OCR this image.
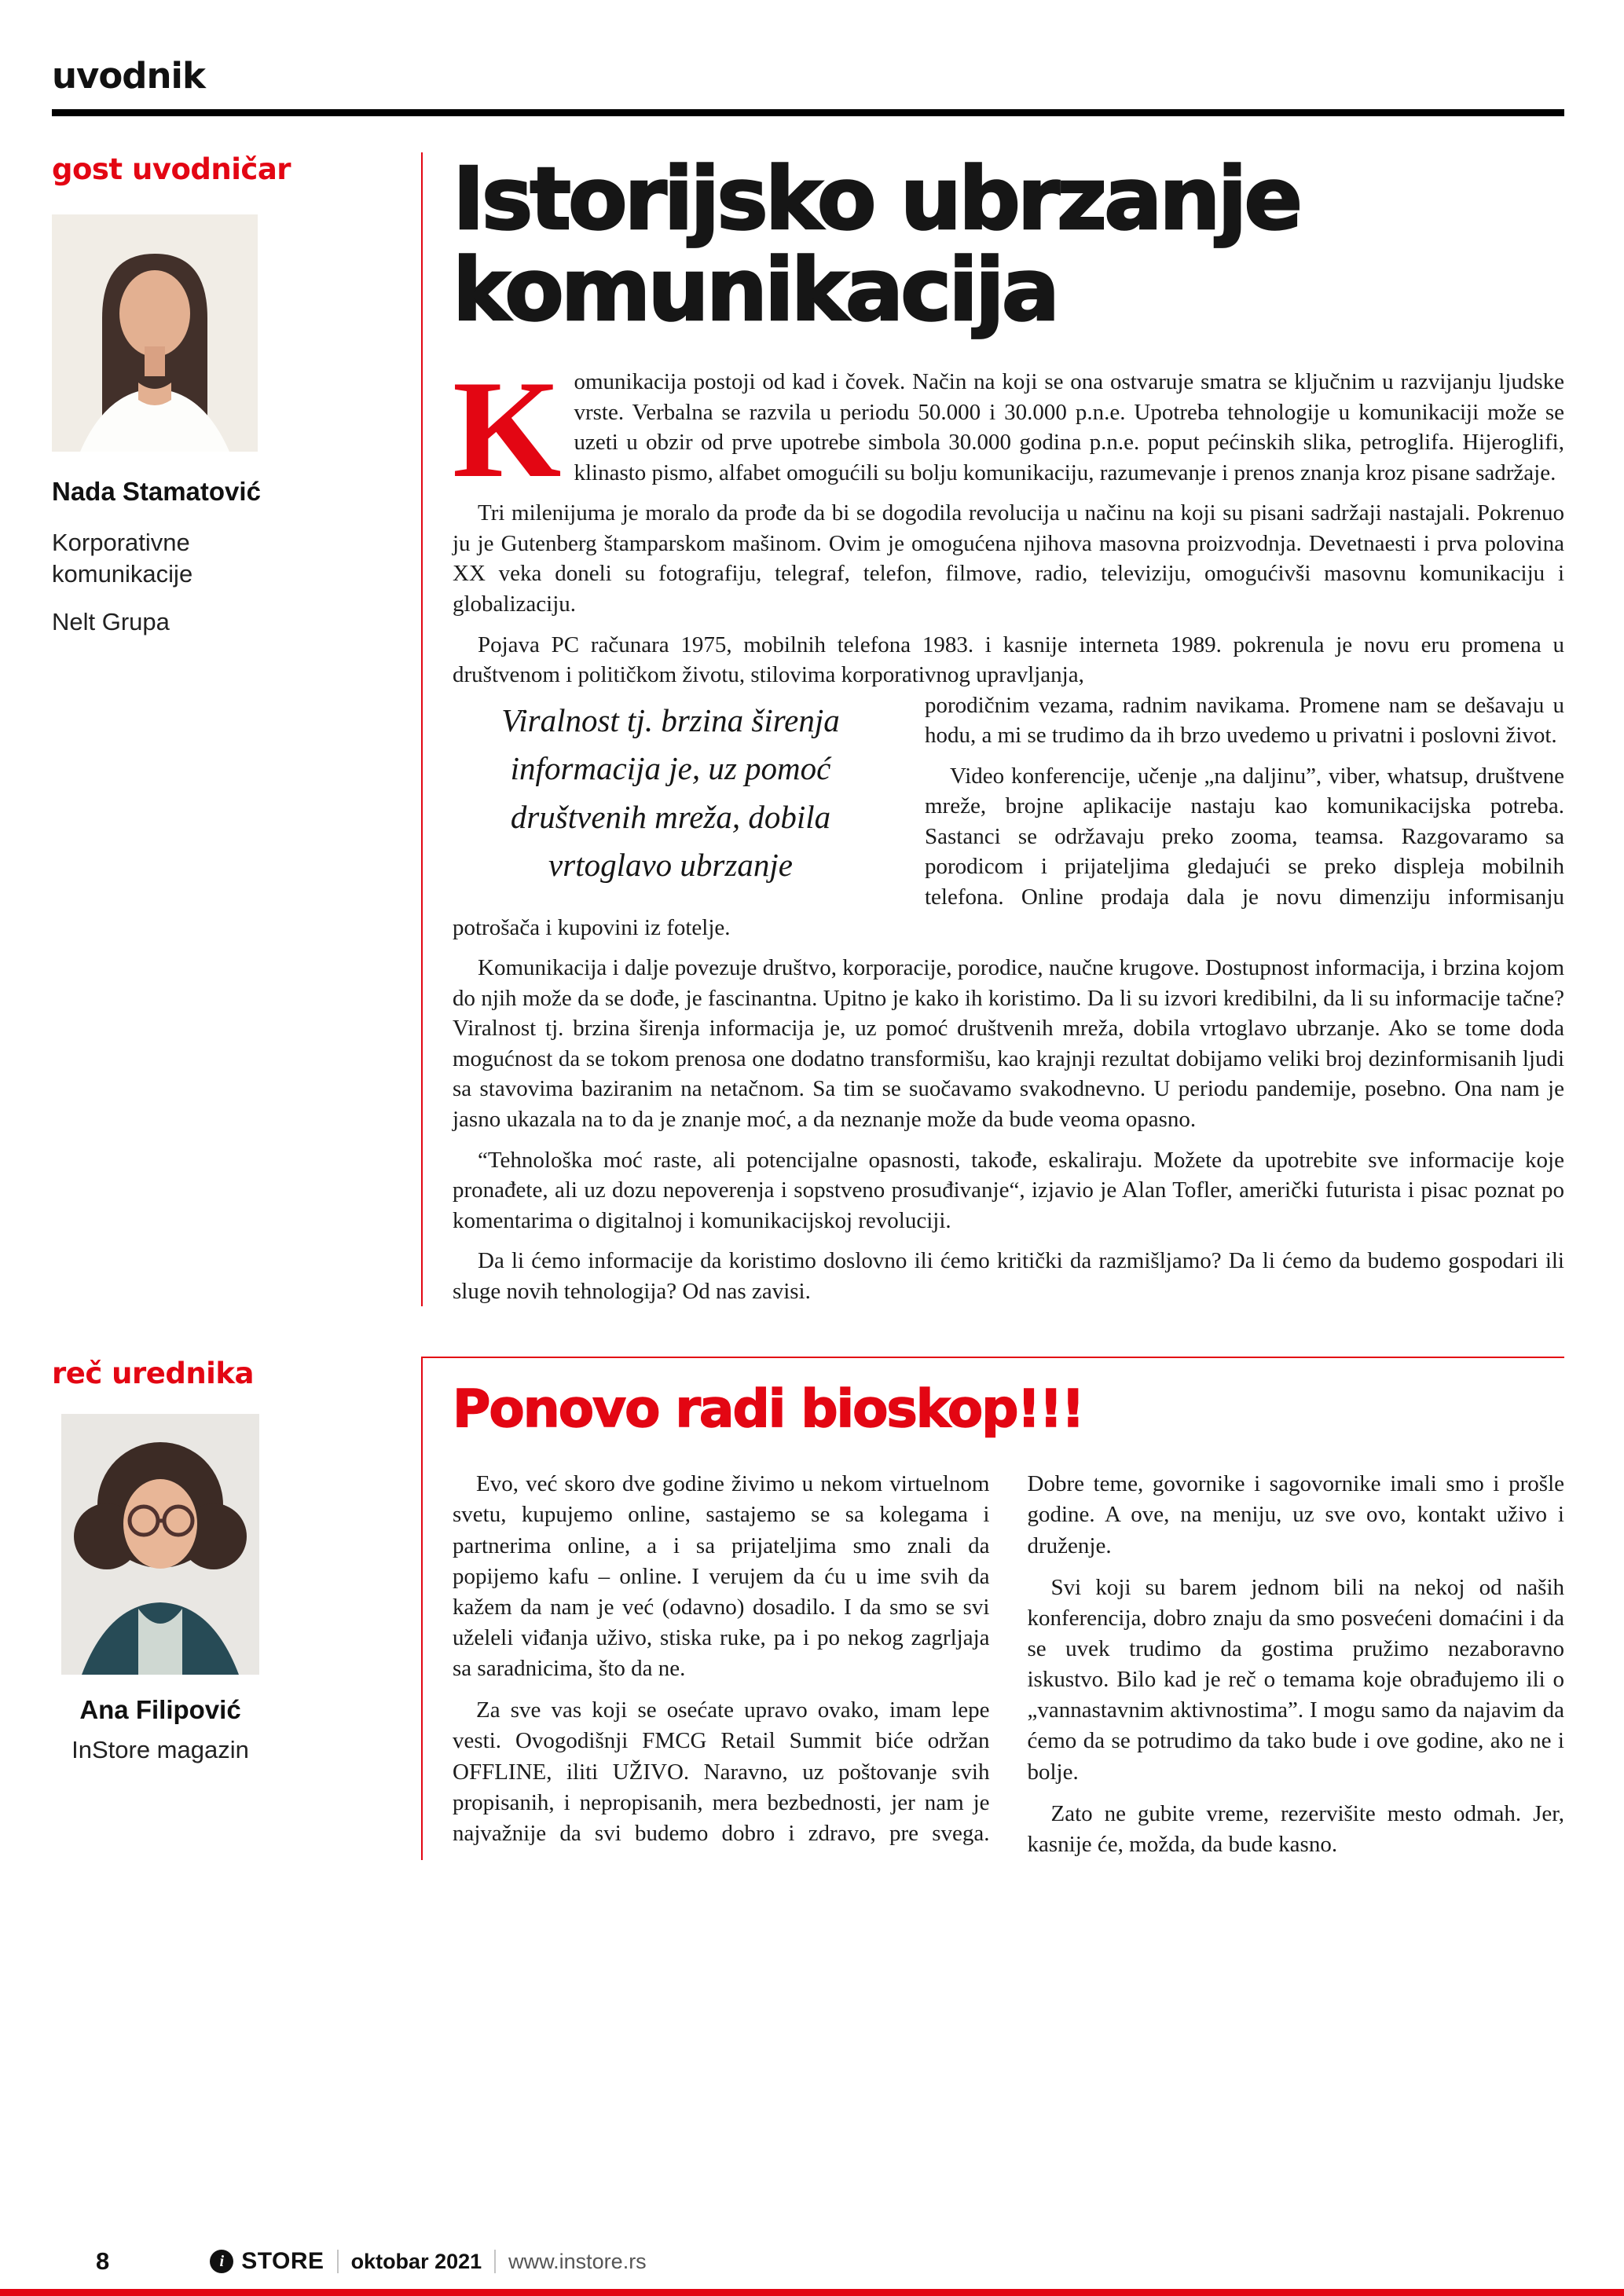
uvodnik
gost uvodničar
Nada Stamatović
Korporativne komunikacije
Nelt Grupa
Istorijsko ubrzanje
komunikacija

Komunikacija postoji od kad i čovek. Način na koji se ona ostvaruje smatra se ključnim u razvijanju ljudske vrste. Verbalna se razvila u periodu 50.000 i 30.000 p.n.e. Upotreba tehnologije u komunikaciji može se uzeti u obzir od prve upotrebe simbola 30.000 godina p.n.e. poput pećinskih slika, petroglifa. Hijeroglifi, klinasto pismo, alfabet omogućili su bolju komunikaciju, razumevanje i prenos znanja kroz pisane sadržaje.

Tri milenijuma je moralo da prođe da bi se dogodila revolucija u načinu na koji su pisani sadržaji nastajali. Pokrenuo ju je Gutenberg štamparskom mašinom. Ovim je omogućena njihova masovna proizvodnja. Devetnaesti i prva polovina XX veka doneli su fotografiju, telegraf, telefon, filmove, radio, televiziju, omogućivši masovnu komunikaciju i globalizaciju.

Pojava PC računara 1975, mobilnih telefona 1983. i kasnije interneta 1989. pokrenula je novu eru promena u društvenom i političkom životu, stilovima korporativnog upravljanja,

Viralnost tj. brzina širenja informacija je, uz pomoć društvenih mreža, dobila vrtoglavo ubrzanje

porodičnim vezama, radnim navikama. Promene nam se dešavaju u hodu, a mi se trudimo da ih brzo uvedemo u privatni i poslovni život.

Video konferencije, učenje „na daljinu”, viber, whatsup, društvene mreže, brojne aplikacije nastaju kao komunikacijska potreba. Sastanci se održavaju preko zooma, teamsa. Razgovaramo sa porodicom i prijateljima gledajući se preko displeja mobilnih telefona. Online prodaja dala je novu dimenziju informisanju potrošača i kupovini iz fotelje.

Komunikacija i dalje povezuje društvo, korporacije, porodice, naučne krugove. Dostupnost informacija, i brzina kojom do njih može da se dođe, je fascinantna. Upitno je kako ih koristimo. Da li su izvori kredibilni, da li su informacije tačne? Viralnost tj. brzina širenja informacija je, uz pomoć društvenih mreža, dobila vrtoglavo ubrzanje. Ako se tome doda mogućnost da se tokom prenosa one dodatno transformišu, kao krajnji rezultat dobijamo veliki broj dezinformisanih ljudi sa stavovima baziranim na netačnom. Sa tim se suočavamo svakodnevno. U periodu pandemije, posebno. Ona nam je jasno ukazala na to da je znanje moć, a da neznanje može da bude veoma opasno.

“Tehnološka moć raste, ali potencijalne opasnosti, takođe, eskaliraju. Možete da upotrebite sve informacije koje pronađete, ali uz dozu nepoverenja i sopstveno prosuđivanje“, izjavio je Alan Tofler, američki futurista i pisac poznat po komentarima o digitalnoj i komunikacijskoj revoluciji.

Da li ćemo informacije da koristimo doslovno ili ćemo kritički da razmišljamo? Da li ćemo da budemo gospodari ili sluge novih tehnologija? Od nas zavisi.

reč urednika
Ana Filipović
InStore magazin
Ponovo radi bioskop!!!

Evo, već skoro dve godine živimo u nekom virtuelnom svetu, kupujemo online, sastajemo se sa kolegama i partnerima online, a i sa prijateljima smo znali da popijemo kafu – online. I verujem da ću u ime svih da kažem da nam je već (odavno) dosadilo. I da smo se svi uželeli viđanja uživo, stiska ruke, pa i po nekog zagrljaja sa saradnicima, što da ne.

Za sve vas koji se osećate upravo ovako, imam lepe vesti. Ovogodišnji FMCG Retail Summit biće održan OFFLINE, iliti UŽIVO. Naravno, uz poštovanje svih propisanih, i nepropisanih, mera bezbednosti, jer nam je najvažnije da svi budemo dobro i zdravo, pre svega. Dobre teme, govornike i sagovornike imali smo i prošle godine. A ove, na meniju, uz sve ovo, kontakt uživo i druženje.

Svi koji su barem jednom bili na nekoj od naših konferencija, dobro znaju da smo posvećeni domaćini i da se uvek trudimo da gostima pružimo nezaboravno iskustvo. Bilo kad je reč o temama koje obrađujemo ili o „vannastavnim aktivnostima”. I mogu samo da najavim da ćemo da se potrudimo da tako bude i ove godine, ako ne i bolje.

Zato ne gubite vreme, rezervišite mesto odmah. Jer, kasnije će, možda, da bude kasno.

8	i STORE oktobar 2021 www.instore.rs
